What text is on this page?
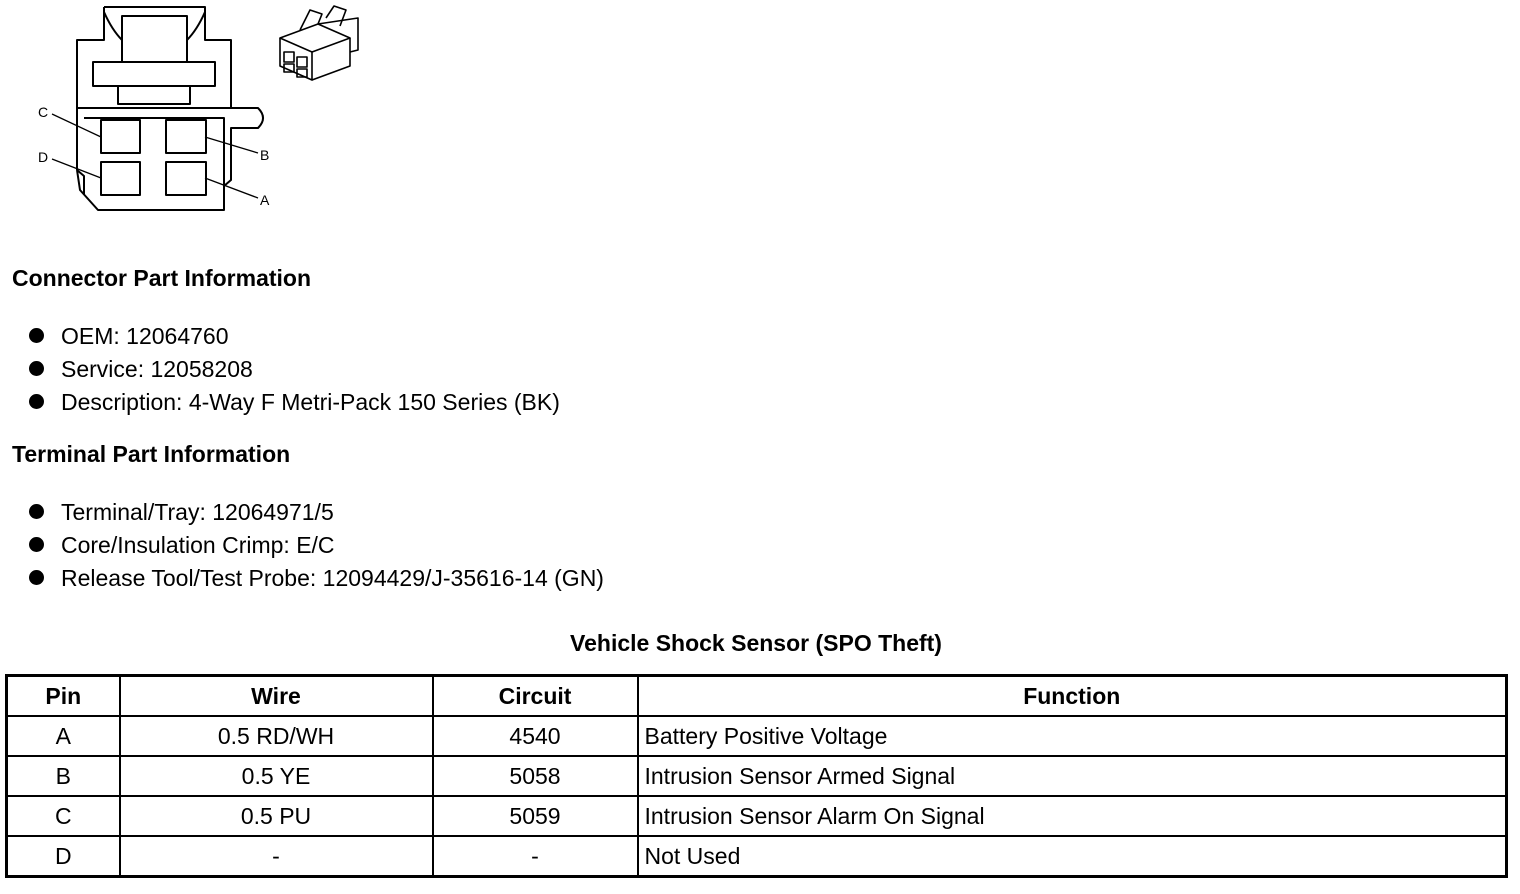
C
D	B
A
Connector Part Information
OEM: 12064760
Service: 12058208
Description: 4-Way F Metri-Pack 150 Series (BK)
Terminal Part Information
Terminal/Tray: 12064971/5
Core/Insulation Crimp: E/C
Release Tool/Test Probe: 12094429/J-35616-14 (GN)
Vehicle Shock Sensor (SPO Theft)
Pin	Wire	Circuit	Function
A	0.5 RD/WH	4540	Battery Positive Voltage
B	0.5 YE	5058	Intrusion Sensor Armed Signal
C	0.5 PU	5059	Intrusion Sensor Alarm On Signal
D	-	-	Not Used
